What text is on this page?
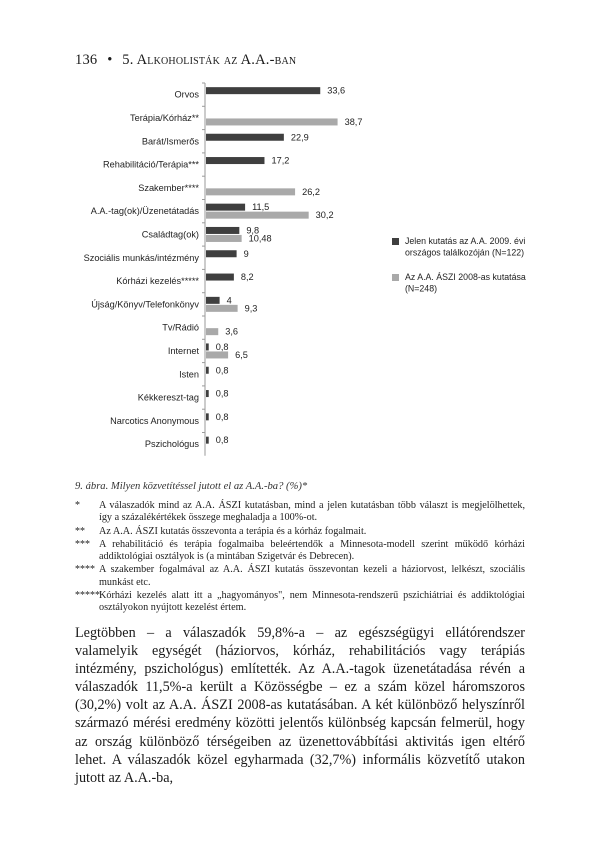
136 • 5. Alkoholisták az A.A.-ban
Orvos	33,6
Terápia/Kórház**	38,7
Barát/Ismerős	22,9
Rehabilitáció/Terápia***	17,2
Szakember****	26,2
A.A.-tag(ok)/Üzenetátadás	11,5
30,2
Családtag(ok)	9,8
10,48
Szociális munkás/intézmény	9
Kórházi kezelés*****	8,2
Újság/Könyv/Telefonkönyv	4
9,3
Tv/Rádió	3,6
Internet 0,8
6,5
Isten 0,8
Kékkereszt-tag 0,8
Narcotics Anonymous 0,8
Pszichológus 0,8
Jelen kutatás az A.A. 2009. évi
országos találkozóján (N=122)
Az A.A. ÁSZI 2008-as kutatása
(N=248)
9. ábra. Milyen közvetítéssel jutott el az A.A.-ba? (%)*
*	A válaszadók mind az A.A. ÁSZI kutatásban, mind a jelen kutatásban több választ is megjelölhettek, így a százalékértékek összege meghaladja a 100%-ot.
**	Az A.A. ÁSZI kutatás összevonta a terápia és a kórház fogalmait.
*** A rehabilitáció és terápia fogalmaiba beleértendők a Minnesota-modell szerint működő kórházi addiktológiai osztályok is (a mintában Szigetvár és Debrecen).
**** A szakember fogalmával az A.A. ÁSZI kutatás összevontan kezeli a háziorvost, lelkészt, szociális munkást etc.
***** Kórházi kezelés alatt itt a „hagyományos", nem Minnesota-rendszerű pszichiátriai és addiktológiai osztályokon nyújtott kezelést értem.

Legtöbben – a válaszadók 59,8%-a – az egészségügyi ellátórendszer valamelyik egységét (háziorvos, kórház, rehabilitációs vagy terápiás intézmény, pszichológus) említették. Az A.A.-tagok üzenetátadása révén a válaszadók 11,5%-a került a Közösségbe – ez a szám közel háromszoros (30,2%) volt az A.A. ÁSZI 2008-as kutatásában. A két különböző helyszínről származó mérési eredmény közötti jelentős különbség kapcsán felmerül, hogy az ország különböző térségeiben az üzenettovábbítási aktivitás igen eltérő lehet. A válaszadók közel egyharmada (32,7%) informális közvetítő utakon jutott az A.A.-ba,
